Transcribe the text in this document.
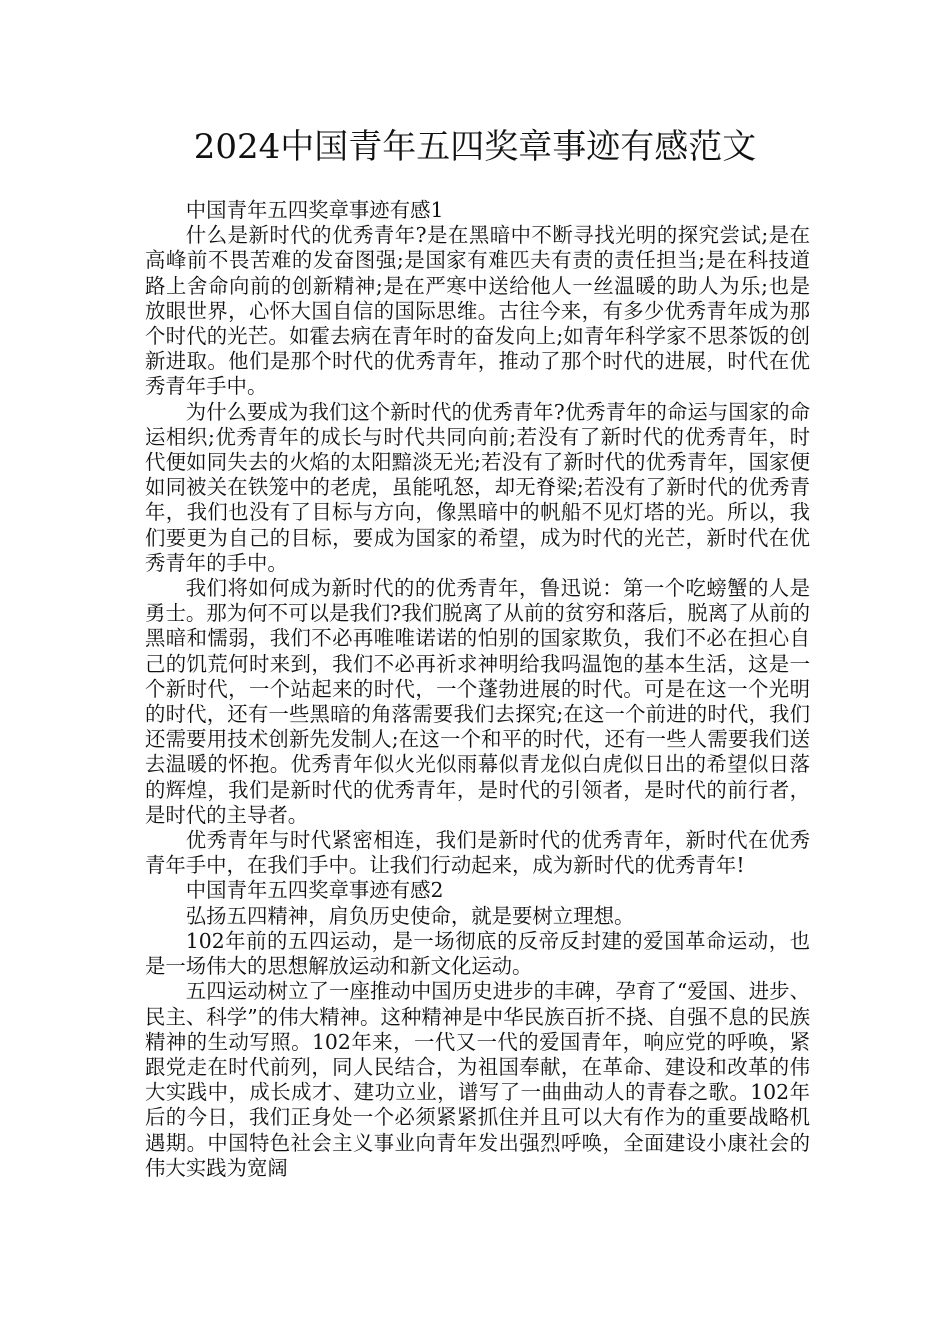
2024中国青年五四奖章事迹有感范文

中国青年五四奖章事迹有感1

什么是新时代的优秀青年?是在黑暗中不断寻找光明的探究尝试;是在高峰前不畏苦难的发奋图强;是国家有难匹夫有责的责任担当;是在科技道路上舍命向前的创新精神;是在严寒中送给他人一丝温暖的助人为乐;也是放眼世界，心怀大国自信的国际思维。古往今来，有多少优秀青年成为那个时代的光芒。如霍去病在青年时的奋发向上;如青年科学家不思茶饭的创新进取。他们是那个时代的优秀青年，推动了那个时代的进展，时代在优秀青年手中。

为什么要成为我们这个新时代的优秀青年?优秀青年的命运与国家的命运相织;优秀青年的成长与时代共同向前;若没有了新时代的优秀青年，时代便如同失去的火焰的太阳黯淡无光;若没有了新时代的优秀青年，国家便如同被关在铁笼中的老虎，虽能吼怒，却无脊梁;若没有了新时代的优秀青年，我们也没有了目标与方向，像黑暗中的帆船不见灯塔的光。所以，我们要更为自己的目标，要成为国家的希望，成为时代的光芒，新时代在优秀青年的手中。

我们将如何成为新时代的的优秀青年，鲁迅说：第一个吃螃蟹的人是勇士。那为何不可以是我们?我们脱离了从前的贫穷和落后，脱离了从前的黑暗和懦弱，我们不必再唯唯诺诺的怕别的国家欺负，我们不必在担心自己的饥荒何时来到，我们不必再祈求神明给我吗温饱的基本生活，这是一个新时代，一个站起来的时代，一个蓬勃进展的时代。可是在这一个光明的时代，还有一些黑暗的角落需要我们去探究;在这一个前进的时代，我们还需要用技术创新先发制人;在这一个和平的时代，还有一些人需要我们送去温暖的怀抱。优秀青年似火光似雨幕似青龙似白虎似日出的希望似日落的辉煌，我们是新时代的优秀青年，是时代的引领者，是时代的前行者，是时代的主导者。

优秀青年与时代紧密相连，我们是新时代的优秀青年，新时代在优秀青年手中，在我们手中。让我们行动起来，成为新时代的优秀青年!

中国青年五四奖章事迹有感2

弘扬五四精神，肩负历史使命，就是要树立理想。

102年前的五四运动，是一场彻底的反帝反封建的爱国革命运动，也是一场伟大的思想解放运动和新文化运动。

五四运动树立了一座推动中国历史进步的丰碑，孕育了“爱国、进步、民主、科学”的伟大精神。这种精神是中华民族百折不挠、自强不息的民族精神的生动写照。102年来，一代又一代的爱国青年，响应党的呼唤，紧跟党走在时代前列，同人民结合，为祖国奉献，在革命、建设和改革的伟大实践中，成长成才、建功立业，谱写了一曲曲动人的青春之歌。102年后的今日，我们正身处一个必须紧紧抓住并且可以大有作为的重要战略机遇期。中国特色社会主义事业向青年发出强烈呼唤，全面建设小康社会的伟大实践为宽阔
